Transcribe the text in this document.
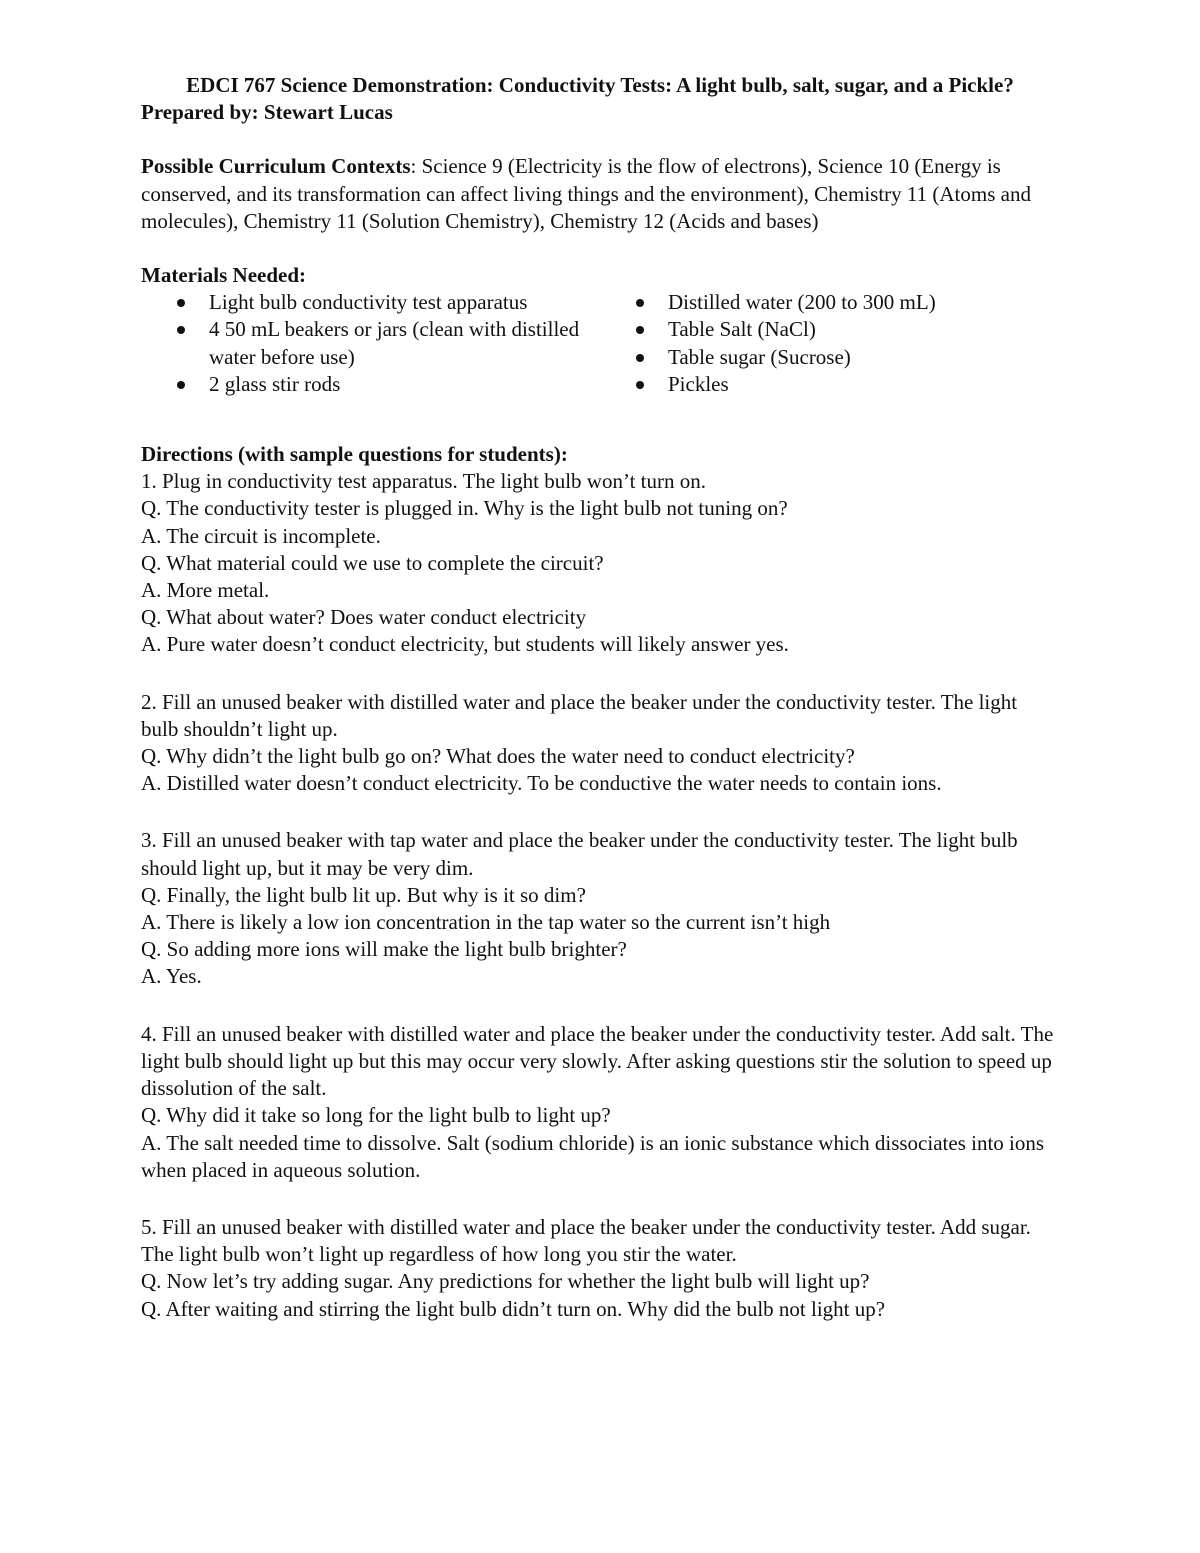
EDCI 767 Science Demonstration: Conductivity Tests: A light bulb, salt, sugar, and a Pickle?

Prepared by: Stewart Lucas

Possible Curriculum Contexts: Science 9 (Electricity is the flow of electrons), Science 10 (Energy is conserved, and its transformation can affect living things and the environment), Chemistry 11 (Atoms and molecules), Chemistry 11 (Solution Chemistry), Chemistry 12 (Acids and bases)

Materials Needed:

Light bulb conductivity test apparatus
4 50 mL beakers or jars (clean with distilled water before use)
2 glass stir rods
Distilled water (200 to 300 mL)
Table Salt (NaCl)
Table sugar (Sucrose)
Pickles

Directions (with sample questions for students):

1. Plug in conductivity test apparatus. The light bulb won’t turn on.

Q. The conductivity tester is plugged in. Why is the light bulb not tuning on?

A. The circuit is incomplete.

Q. What material could we use to complete the circuit?

A. More metal.

Q. What about water? Does water conduct electricity

A. Pure water doesn’t conduct electricity, but students will likely answer yes.

2. Fill an unused beaker with distilled water and place the beaker under the conductivity tester. The light bulb shouldn’t light up.

Q. Why didn’t the light bulb go on? What does the water need to conduct electricity?

A. Distilled water doesn’t conduct electricity. To be conductive the water needs to contain ions.

3. Fill an unused beaker with tap water and place the beaker under the conductivity tester. The light bulb should light up, but it may be very dim.

Q. Finally, the light bulb lit up. But why is it so dim?

A. There is likely a low ion concentration in the tap water so the current isn’t high

Q. So adding more ions will make the light bulb brighter?

A. Yes.

4. Fill an unused beaker with distilled water and place the beaker under the conductivity tester. Add salt. The light bulb should light up but this may occur very slowly. After asking questions stir the solution to speed up dissolution of the salt.

Q. Why did it take so long for the light bulb to light up?

A. The salt needed time to dissolve. Salt (sodium chloride) is an ionic substance which dissociates into ions when placed in aqueous solution.

5. Fill an unused beaker with distilled water and place the beaker under the conductivity tester. Add sugar. The light bulb won’t light up regardless of how long you stir the water.

Q. Now let’s try adding sugar. Any predictions for whether the light bulb will light up?

Q. After waiting and stirring the light bulb didn’t turn on. Why did the bulb not light up?
